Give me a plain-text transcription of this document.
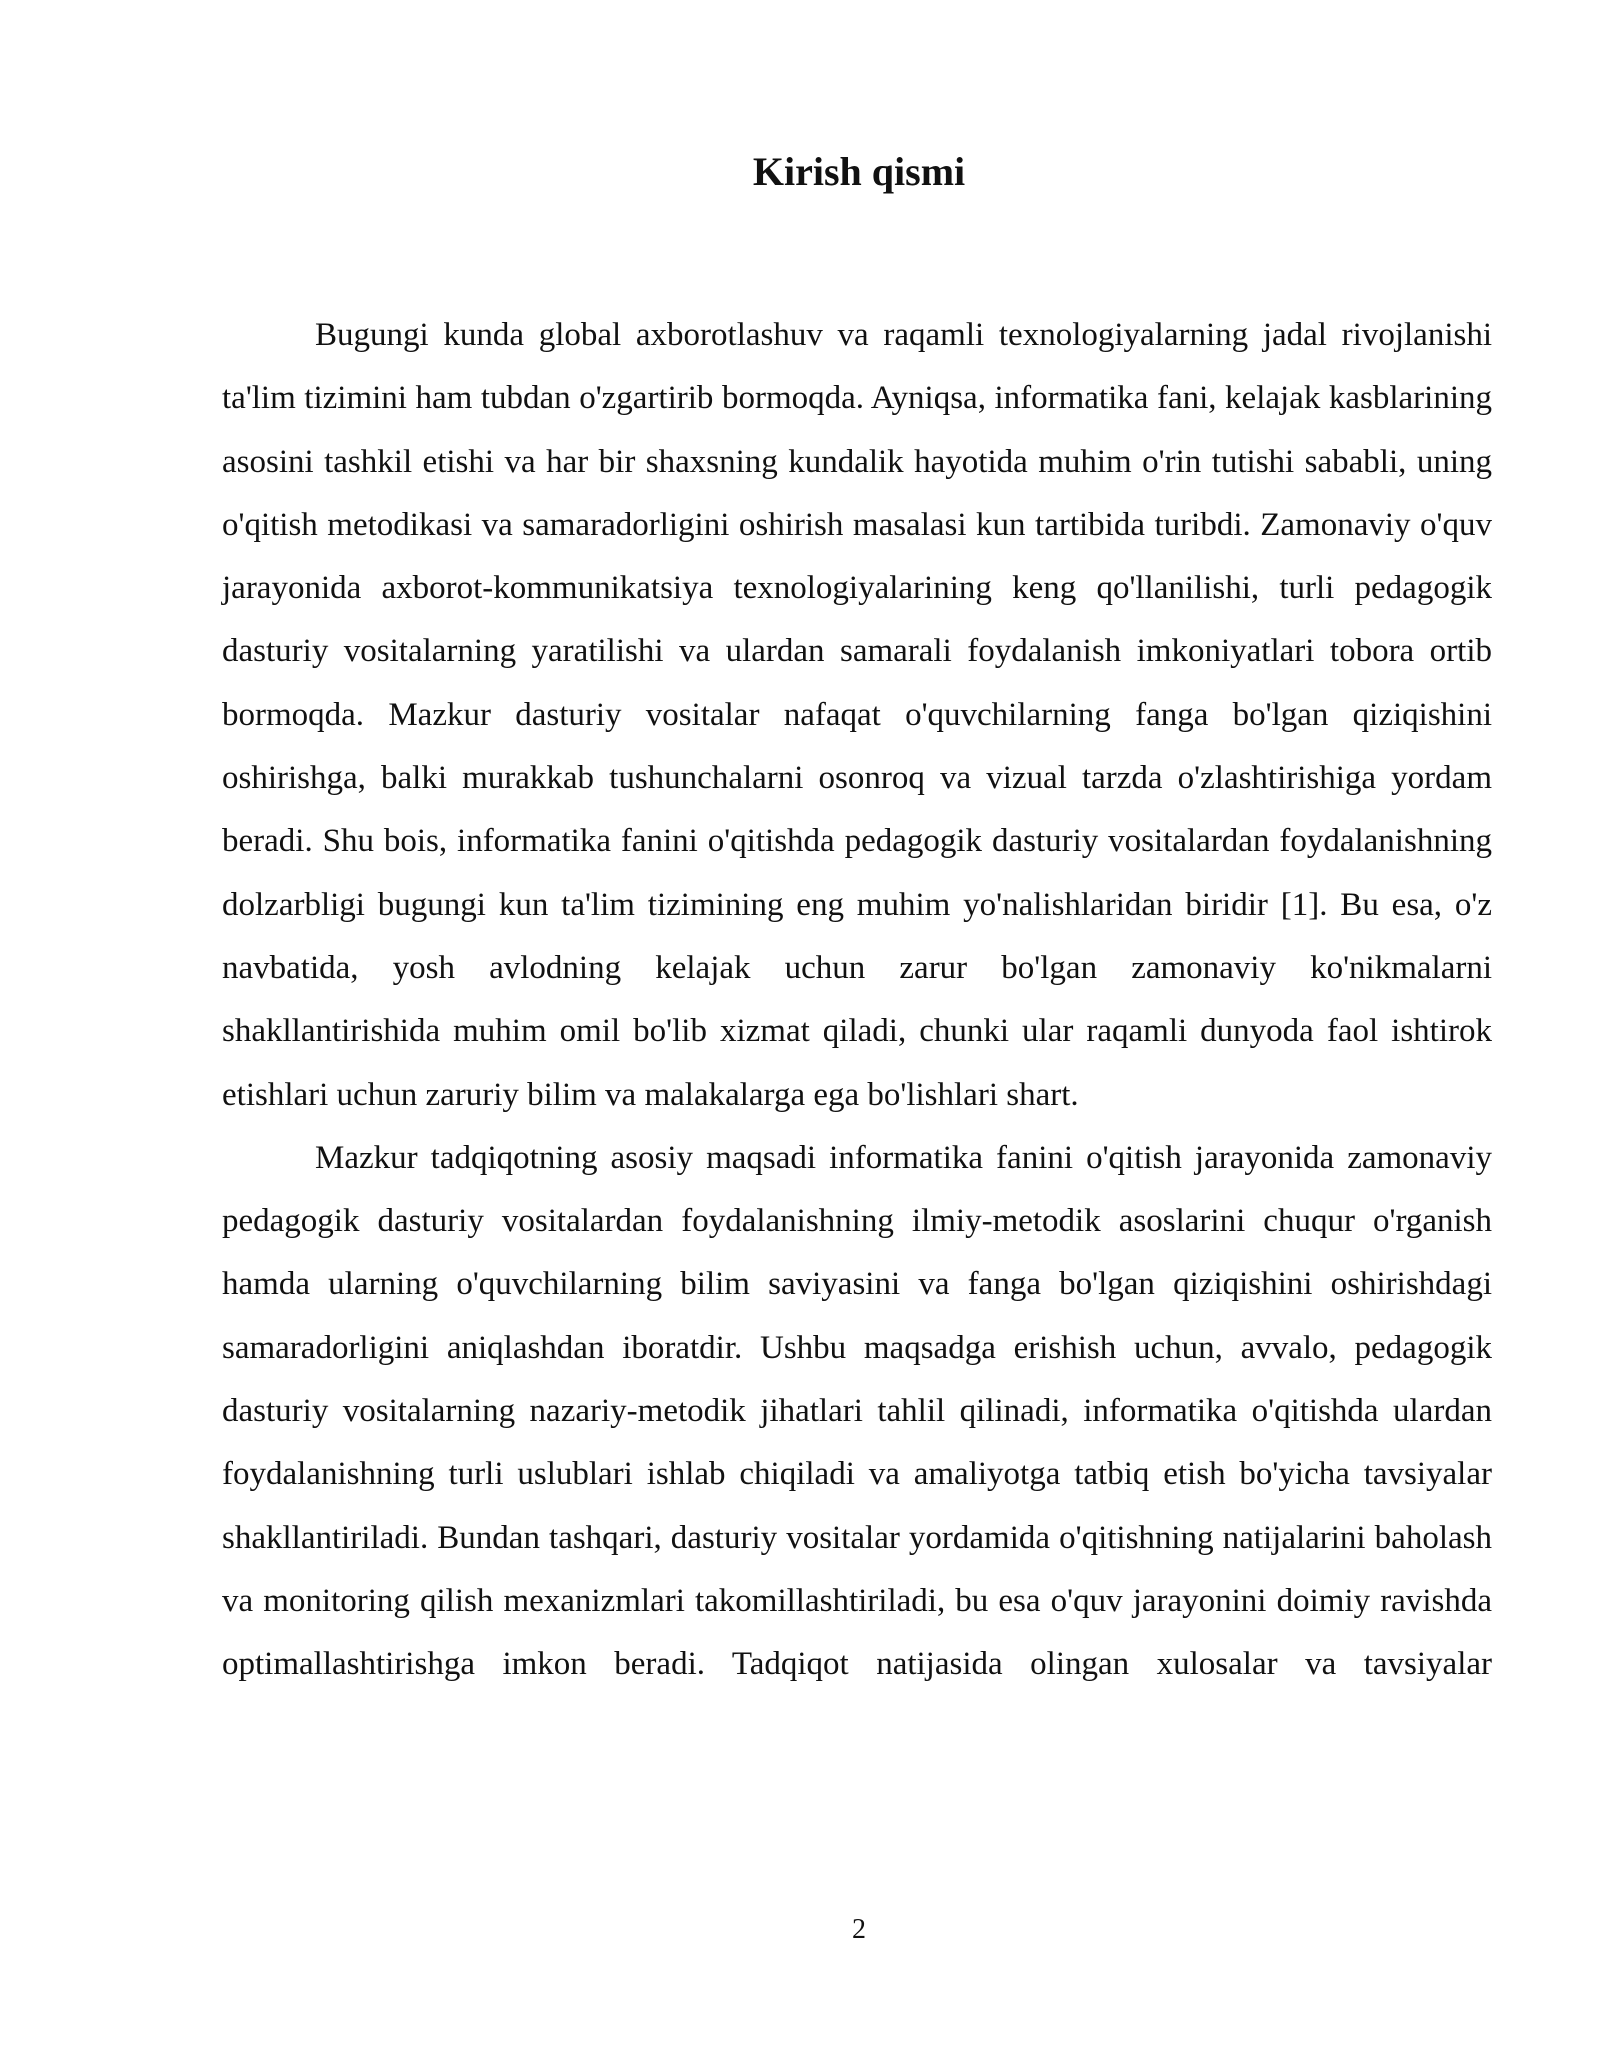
Kirish qismi

Bugungi kunda global axborotlashuv va raqamli texnologiyalarning jadal rivojlanishi ta'lim tizimini ham tubdan o'zgartirib bormoqda. Ayniqsa, informatika fani, kelajak kasblarining asosini tashkil etishi va har bir shaxsning kundalik hayotida muhim o'rin tutishi sababli, uning o'qitish metodikasi va samaradorligini oshirish masalasi kun tartibida turibdi. Zamonaviy o'quv jarayonida axborot-kommunikatsiya texnologiyalarining keng qo'llanilishi, turli pedagogik dasturiy vositalarning yaratilishi va ulardan samarali foydalanish imkoniyatlari tobora ortib bormoqda. Mazkur dasturiy vositalar nafaqat o'quvchilarning fanga bo'lgan qiziqishini oshirishga, balki murakkab tushunchalarni osonroq va vizual tarzda o'zlashtirishiga yordam beradi. Shu bois, informatika fanini o'qitishda pedagogik dasturiy vositalardan foydalanishning dolzarbligi bugungi kun ta'lim tizimining eng muhim yo'nalishlaridan biridir [1]. Bu esa, o'z navbatida, yosh avlodning kelajak uchun zarur bo'lgan zamonaviy ko'nikmalarni shakllantirishida muhim omil bo'lib xizmat qiladi, chunki ular raqamli dunyoda faol ishtirok etishlari uchun zaruriy bilim va malakalarga ega bo'lishlari shart.

Mazkur tadqiqotning asosiy maqsadi informatika fanini o'qitish jarayonida zamonaviy pedagogik dasturiy vositalardan foydalanishning ilmiy-metodik asoslarini chuqur o'rganish hamda ularning o'quvchilarning bilim saviyasini va fanga bo'lgan qiziqishini oshirishdagi samaradorligini aniqlashdan iboratdir. Ushbu maqsadga erishish uchun, avvalo, pedagogik dasturiy vositalarning nazariy-metodik jihatlari tahlil qilinadi, informatika o'qitishda ulardan foydalanishning turli uslublari ishlab chiqiladi va amaliyotga tatbiq etish bo'yicha tavsiyalar shakllantiriladi. Bundan tashqari, dasturiy vositalar yordamida o'qitishning natijalarini baholash va monitoring qilish mexanizmlari takomillashtiriladi, bu esa o'quv jarayonini doimiy ravishda optimallashtirishga imkon beradi. Tadqiqot natijasida olingan xulosalar va tavsiyalar

2
